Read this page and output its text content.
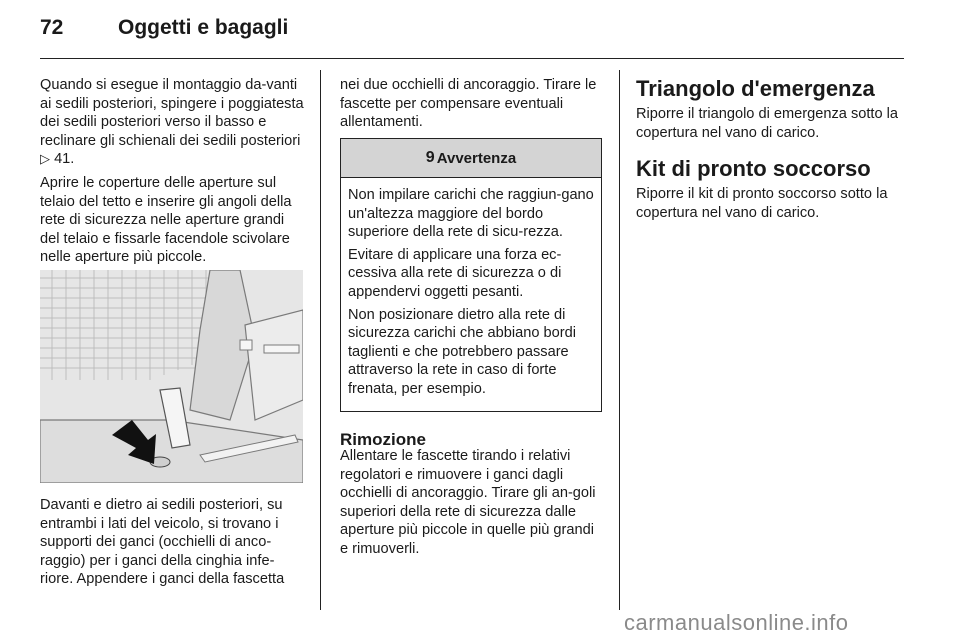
72	Oggetti e bagagli

Quando si esegue il montaggio da-vanti ai sedili posteriori, spingere i poggiatesta dei sedili posteriori verso il basso e reclinare gli schienali dei sedili posteriori ▷ 41.

Aprire le coperture delle aperture sul telaio del tetto e inserire gli angoli della rete di sicurezza nelle aperture grandi del telaio e fissarle facendole scivolare nelle aperture più piccole.

Davanti e dietro ai sedili posteriori, su entrambi i lati del veicolo, si trovano i supporti dei ganci (occhielli di anco-raggio) per i ganci della cinghia infe-riore. Appendere i ganci della fascetta

nei due occhielli di ancoraggio. Tirare le fascette per compensare eventuali allentamenti.

9 Avvertenza

Non impilare carichi che raggiun-gano un'altezza maggiore del bordo superiore della rete di sicu-rezza.

Evitare di applicare una forza ec-cessiva alla rete di sicurezza o di appendervi oggetti pesanti.

Non posizionare dietro alla rete di sicurezza carichi che abbiano bordi taglienti e che potrebbero passare attraverso la rete in caso di forte frenata, per esempio.

Rimozione
Allentare le fascette tirando i relativi regolatori e rimuovere i ganci dagli occhielli di ancoraggio. Tirare gli an-goli superiori della rete di sicurezza dalle aperture più piccole in quelle più grandi e rimuoverli.
Triangolo d'emergenza

Riporre il triangolo di emergenza sotto la copertura nel vano di carico.

Kit di pronto soccorso

Riporre il kit di pronto soccorso sotto la copertura nel vano di carico.

carmanualsonline.info
